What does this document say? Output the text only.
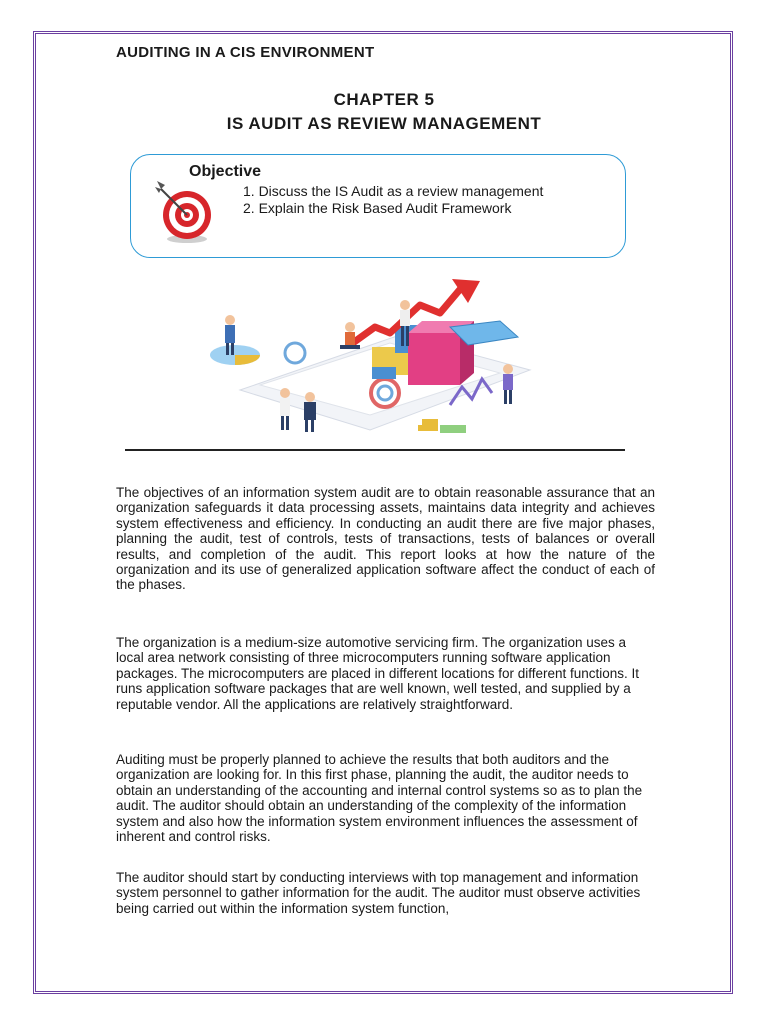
AUDITING IN A CIS ENVIRONMENT
CHAPTER 5
IS AUDIT AS REVIEW MANAGEMENT
Objective
1. Discuss the IS Audit as a review management
2. Explain the Risk Based Audit Framework

The objectives of an information system audit are to obtain reasonable assurance that an organization safeguards it data processing assets, maintains data integrity and achieves system effectiveness and efficiency. In conducting an audit there are five major phases, planning the audit, test of controls, tests of transactions, tests of balances or overall results, and completion of the audit. This report looks at how the nature of the organization and its use of generalized application software affect the conduct of each of the phases.

The organization is a medium-size automotive servicing firm. The organization uses a local area network consisting of three microcomputers running software application packages. The microcomputers are placed in different locations for different functions. It runs application software packages that are well known, well tested, and supplied by a reputable vendor. All the applications are relatively straightforward.

Auditing must be properly planned to achieve the results that both auditors and the organization are looking for. In this first phase, planning the audit, the auditor needs to obtain an understanding of the accounting and internal control systems so as to plan the audit. The auditor should obtain an understanding of the complexity of the information system and also how the information system environment influences the assessment of inherent and control risks.

The auditor should start by conducting interviews with top management and information system personnel to gather information for the audit. The auditor must observe activities being carried out within the information system function,
